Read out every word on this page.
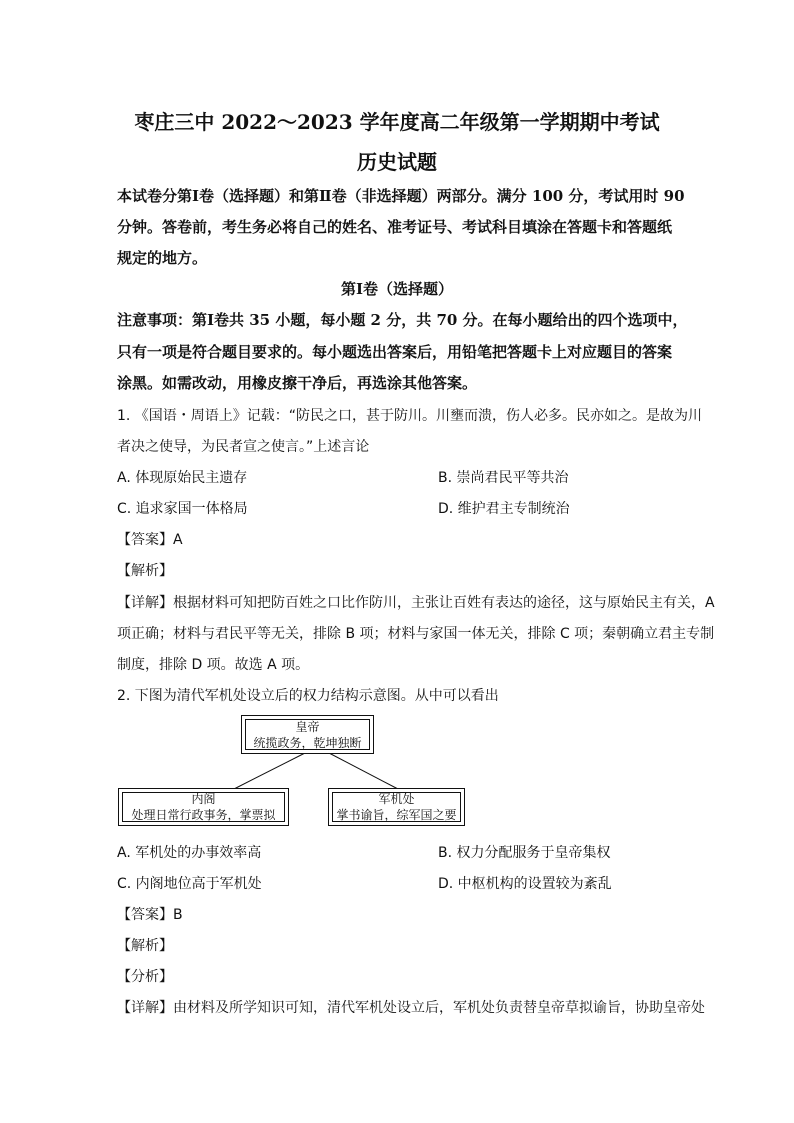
枣庄三中 2022～2023 学年度高二年级第一学期期中考试
历史试题
本试卷分第Ⅰ卷（选择题）和第Ⅱ卷（非选择题）两部分。满分 100 分，考试用时 90
分钟。答卷前，考生务必将自己的姓名、准考证号、考试科目填涂在答题卡和答题纸
规定的地方。
第Ⅰ卷（选择题）
注意事项：第Ⅰ卷共 35 小题，每小题 2 分，共 70 分。在每小题给出的四个选项中，
只有一项是符合题目要求的。每小题选出答案后，用铅笔把答题卡上对应题目的答案
涂黑。如需改动，用橡皮擦干净后，再选涂其他答案。
1. 《国语・周语上》记载：“防民之口，甚于防川。川壅而溃，伤人必多。民亦如之。是故为川
者决之使导，为民者宣之使言。”上述言论
A. 体现原始民主遗存	B. 崇尚君民平等共治
C. 追求家国一体格局	D. 维护君主专制统治
【答案】A
【解析】
【详解】根据材料可知把防百姓之口比作防川，主张让百姓有表达的途径，这与原始民主有关，A
项正确；材料与君民平等无关，排除 B 项；材料与家国一体无关，排除 C 项；秦朝确立君主专制
制度，排除 D 项。故选 A 项。
2. 下图为清代军机处设立后的权力结构示意图。从中可以看出
皇帝
统揽政务，乾坤独断
内阁
处理日常行政事务，掌票拟
军机处
掌书谕旨，综军国之要
A. 军机处的办事效率高	B. 权力分配服务于皇帝集权
C. 内阁地位高于军机处	D. 中枢机构的设置较为紊乱
【答案】B
【解析】
【分析】
【详解】由材料及所学知识可知，清代军机处设立后，军机处负责替皇帝草拟谕旨，协助皇帝处
